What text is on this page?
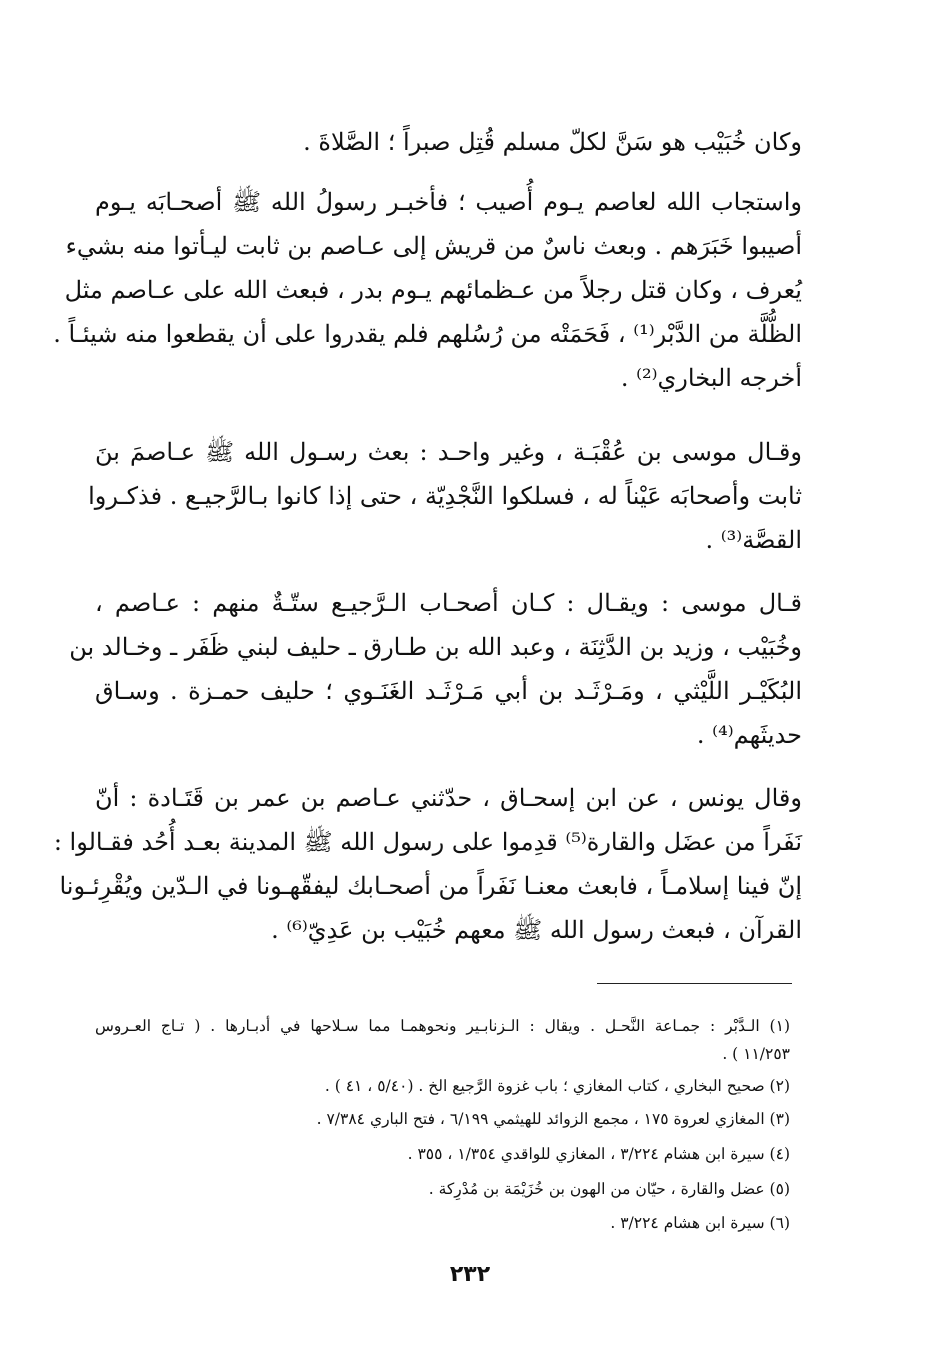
وكان خُبَيْب هو سَنَّ لكلّ مسلم قُتِل صبراً ؛ الصَّلاةَ .
واستجاب الله لعاصم يـوم أُصيب ؛ فأخبـر رسولُ الله ﷺ أصحـابَه يـوم
أصيبوا خَبَرَهم . وبعث ناسٌ من قريش إلى عـاصم بن ثابت ليـأتوا منه بشيء
يُعرف ، وكان قتل رجلاً من عـظمائهم يـوم بدر ، فبعث الله على عـاصم مثل
الظُّلَّة من الدَّبْر⁽¹⁾ ، فَحَمَتْه من رُسُلهم فلم يقدروا على أن يقطعوا منه شيئـاً .
أخرجه البخاري⁽²⁾ .
وقـال موسى بن عُقْبَـة ، وغير واحـد : بعث رسـول الله ﷺ عـاصمَ بنَ
ثابت وأصحابَه عَيْناً له ، فسلكوا النَّجْدِيّة ، حتى إذا كانوا بـالرَّجيـع . فذكـروا
القصَّة⁽³⁾ .
قـال موسى : ويقـال : كـان أصحـاب الـرَّجيـع ستّـةٌ منهم : عـاصم ،
وخُبَيْب ، وزيد بن الدَّثِنَة ، وعبد الله بن طـارق ـ حليف لبني ظَفَر ـ وخـالد بن
البُكَيْـر اللَّيْثي ، ومَـرْثَـد بن أبي مَـرْثَـد الغَنَـوي ؛ حليف حمـزة . وسـاق
حديثَهم⁽⁴⁾ .
وقال يونس ، عن ابن إسحـاق ، حدّثني عـاصم بن عمر بن قَتَـادة : أنّ
نَفَراً من عضَل والقارة⁽⁵⁾ قدِموا على رسول الله ﷺ المدينة بعـد أُحُد فقـالوا :
إنّ فينا إسلامـاً ، فابعث معنـا نَفَراً من أصحـابك ليفقّهـونا في الـدّين ويُقْرِئـونا
القرآن ، فبعث رسول الله ﷺ معهم خُبَيْب بن عَدِيّ⁽⁶⁾ .
(١) الـدَّبْر : جمـاعة النَّحـل . ويقال : الـزنابـير ونحوهمـا مما سـلاحها في أدبـارها . ( تـاج العـروس
١١/٢٥٣ ) .
(٢) صحيح البخاري ، كتاب المغازي ؛ باب غزوة الرَّجيع الخ . (٥/٤٠ ، ٤١ ) .
(٣) المغازي لعروة ١٧٥ ، مجمع الزوائد للهيثمي ٦/١٩٩ ، فتح الباري ٧/٣٨٤ .
(٤) سيرة ابن هشام ٣/٢٢٤ ، المغازي للواقدي ١/٣٥٤ ، ٣٥٥ .
(٥) عضل والقارة ، حيّان من الهون بن خُزَيْمَة بن مُدْرِكة .
(٦) سيرة ابن هشام ٣/٢٢٤ .
٢٣٢
